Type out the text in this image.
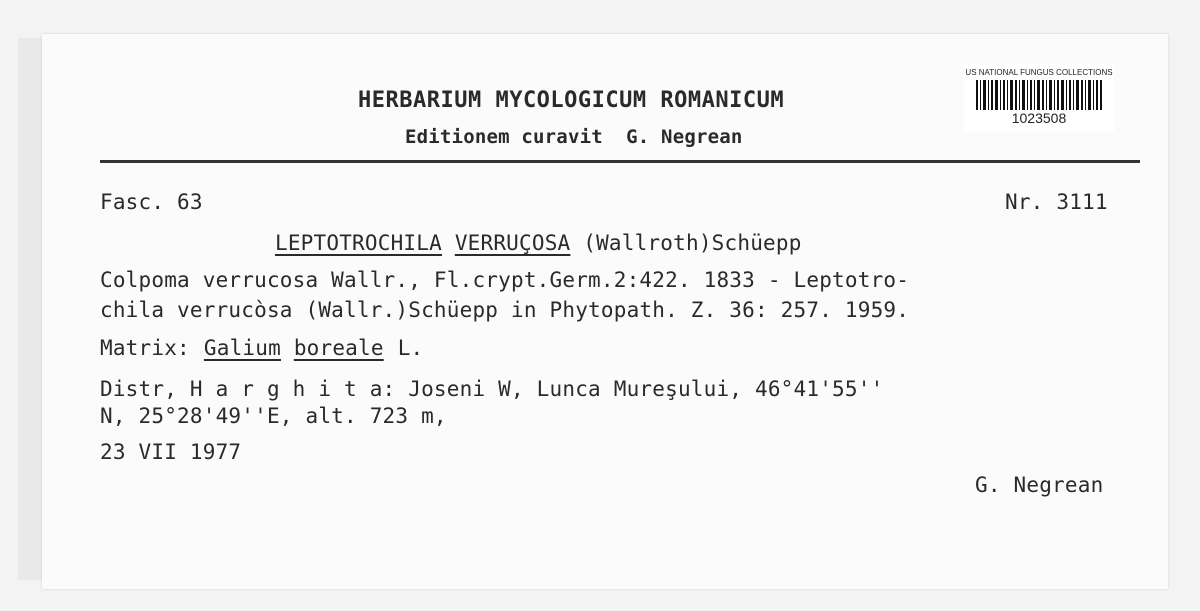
HERBARIUM MYCOLOGICUM ROMANICUM
Editionem curavit  G. Negrean
US NATIONAL FUNGUS COLLECTIONS
1023508
Fasc. 63	Nr. 3111
LEPTOTROCHILA VERRUÇOSA (Wallroth)Schüepp
Colpoma verrucosa Wallr., Fl.crypt.Germ.2:422. 1833 - Leptotro-
chila verrucòsa (Wallr.)Schüepp in Phytopath. Z. 36: 257. 1959.
Matrix: Galium boreale L.
Distr, H a r g h i t a: Joseni W, Lunca Mureşului, 46°41'55''
N, 25°28'49''E, alt. 723 m,
23 VII 1977
G. Negrean
